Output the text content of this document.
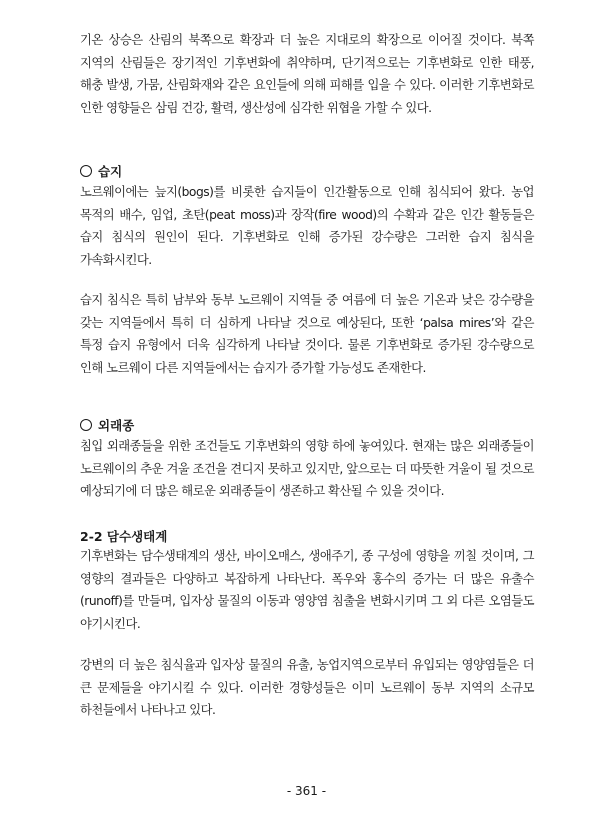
기온 상승은 산림의 북쪽으로 확장과 더 높은 지대로의 확장으로 이어질 것이다. 북쪽 지역의 산림들은 장기적인 기후변화에 취약하며, 단기적으로는 기후변화로 인한 태풍, 해충 발생, 가뭄, 산림화재와 같은 요인들에 의해 피해를 입을 수 있다. 이러한 기후변화로 인한 영향들은 삼림 건강, 활력, 생산성에 심각한 위협을 가할 수 있다.

습지

노르웨이에는 늪지(bogs)를 비롯한 습지들이 인간활동으로 인해 침식되어 왔다. 농업 목적의 배수, 임업, 초탄(peat moss)과 장작(fire wood)의 수확과 같은 인간 활동들은 습지 침식의 원인이 된다. 기후변화로 인해 증가된 강수량은 그러한 습지 침식을 가속화시킨다.

습지 침식은 특히 남부와 동부 노르웨이 지역들 중 여름에 더 높은 기온과 낮은 강수량을 갖는 지역들에서 특히 더 심하게 나타날 것으로 예상된다, 또한 ‘palsa mires’와 같은 특정 습지 유형에서 더욱 심각하게 나타날 것이다. 물론 기후변화로 증가된 강수량으로 인해 노르웨이 다른 지역들에서는 습지가 증가할 가능성도 존재한다.

외래종

침입 외래종들을 위한 조건들도 기후변화의 영향 하에 놓여있다. 현재는 많은 외래종들이 노르웨이의 추운 겨울 조건을 견디지 못하고 있지만, 앞으로는 더 따뜻한 겨울이 될 것으로 예상되기에 더 많은 해로운 외래종들이 생존하고 확산될 수 있을 것이다.

2-2 담수생태계

기후변화는 담수생태계의 생산, 바이오매스, 생애주기, 종 구성에 영향을 끼칠 것이며, 그 영향의 결과들은 다양하고 복잡하게 나타난다. 폭우와 홍수의 증가는 더 많은 유출수(runoff)를 만들며, 입자상 물질의 이동과 영양염 침출을 변화시키며 그 외 다른 오염들도 야기시킨다.

강변의 더 높은 침식율과 입자상 물질의 유출, 농업지역으로부터 유입되는 영양염들은 더 큰 문제들을 야기시킬 수 있다. 이러한 경향성들은 이미 노르웨이 동부 지역의 소규모 하천들에서 나타나고 있다.

- 361 -
